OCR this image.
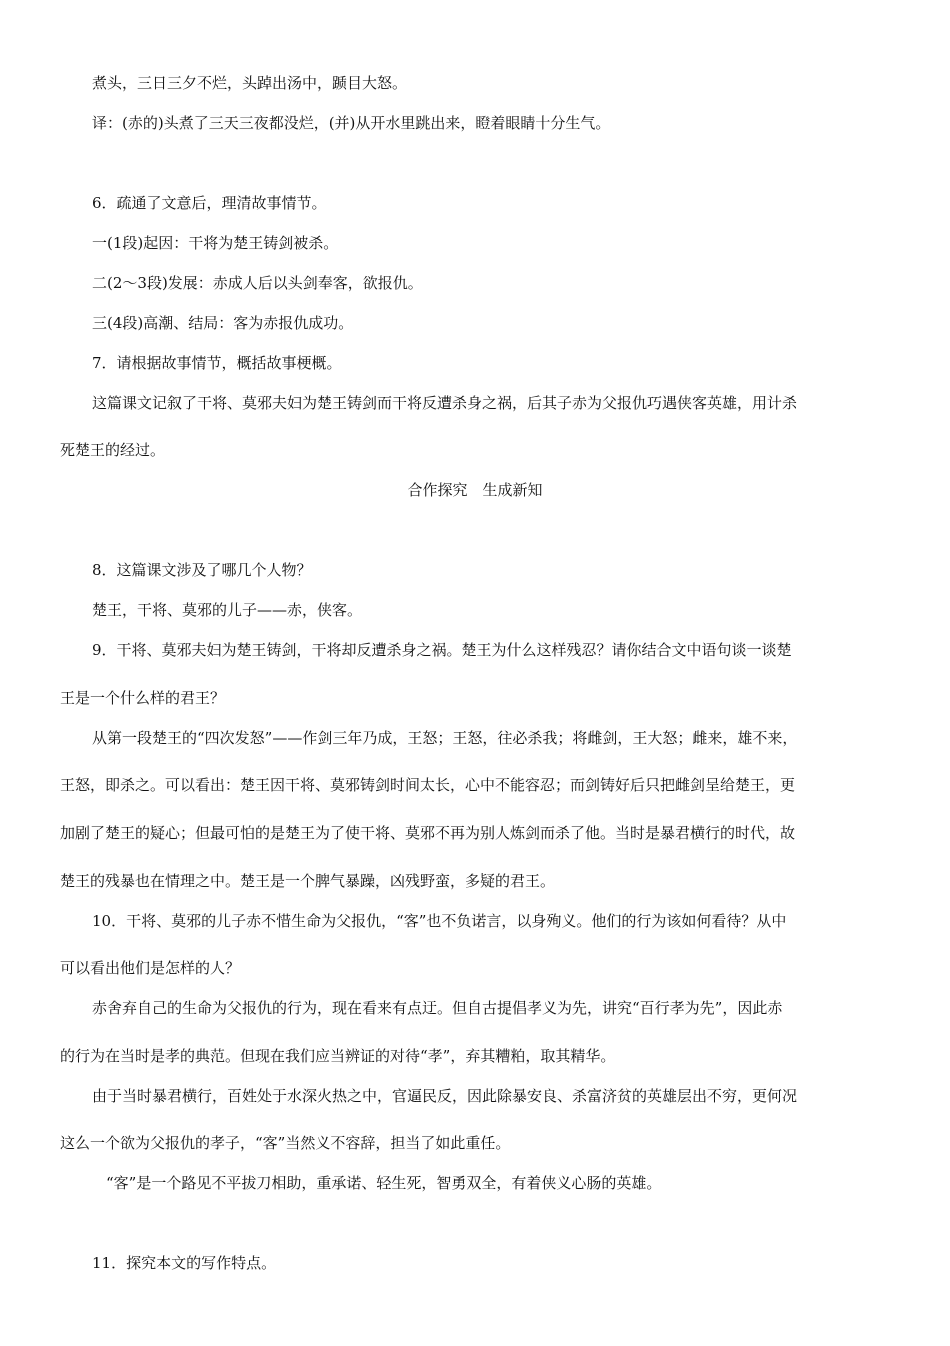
煮头，三日三夕不烂，头踔出汤中，踬目大怒。
译：(赤的)头煮了三天三夜都没烂，(并)从开水里跳出来，瞪着眼睛十分生气。
6．疏通了文意后，理清故事情节。
一(1段)起因：干将为楚王铸剑被杀。
二(2～3段)发展：赤成人后以头剑奉客，欲报仇。
三(4段)高潮、结局：客为赤报仇成功。
7．请根据故事情节，概括故事梗概。
这篇课文记叙了干将、莫邪夫妇为楚王铸剑而干将反遭杀身之祸，后其子赤为父报仇巧遇侠客英雄，用计杀
死楚王的经过。
合作探究　生成新知
8．这篇课文涉及了哪几个人物？
楚王，干将、莫邪的儿子——赤，侠客。
9．干将、莫邪夫妇为楚王铸剑，干将却反遭杀身之祸。楚王为什么这样残忍？请你结合文中语句谈一谈楚
王是一个什么样的君王？
从第一段楚王的“四次发怒”——作剑三年乃成，王怒；王怒，往必杀我；将雌剑，王大怒；雌来，雄不来，
王怒，即杀之。可以看出：楚王因干将、莫邪铸剑时间太长，心中不能容忍；而剑铸好后只把雌剑呈给楚王，更
加剧了楚王的疑心；但最可怕的是楚王为了使干将、莫邪不再为别人炼剑而杀了他。当时是暴君横行的时代，故
楚王的残暴也在情理之中。楚王是一个脾气暴躁，凶残野蛮，多疑的君王。
10．干将、莫邪的儿子赤不惜生命为父报仇，“客”也不负诺言，以身殉义。他们的行为该如何看待？从中
可以看出他们是怎样的人？
赤舍弃自己的生命为父报仇的行为，现在看来有点迂。但自古提倡孝义为先，讲究“百行孝为先”，因此赤
的行为在当时是孝的典范。但现在我们应当辨证的对待“孝”，弃其糟粕，取其精华。
由于当时暴君横行，百姓处于水深火热之中，官逼民反，因此除暴安良、杀富济贫的英雄层出不穷，更何况
这么一个欲为父报仇的孝子，“客”当然义不容辞，担当了如此重任。
“客”是一个路见不平拔刀相助，重承诺、轻生死，智勇双全，有着侠义心肠的英雄。
11．探究本文的写作特点。
